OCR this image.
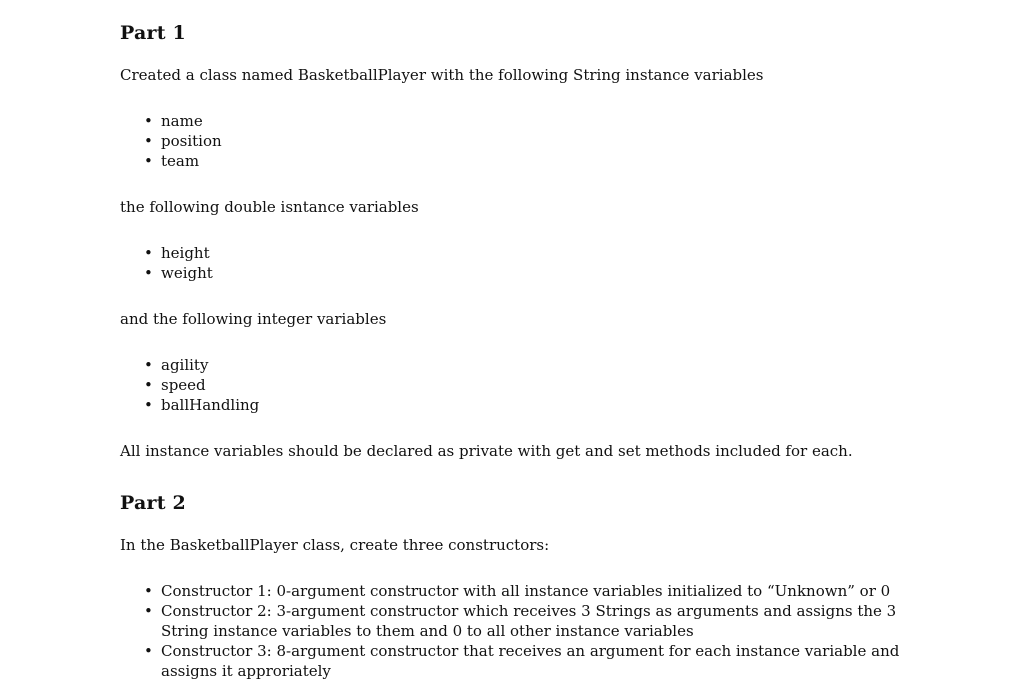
Part 1

Created a class named BasketballPlayer with the following String instance variables

• name
• position
• team

the following double isntance variables

• height
• weight

and the following integer variables

• agility
• speed
• ballHandling

All instance variables should be declared as private with get and set methods included for each.

Part 2

In the BasketballPlayer class, create three constructors:

• Constructor 1: 0-argument constructor with all instance variables initialized to “Unknown” or 0
• Constructor 2: 3-argument constructor which receives 3 Strings as arguments and assigns the 3 String instance variables to them and 0 to all other instance variables
• Constructor 3: 8-argument constructor that receives an argument for each instance variable and assigns it approriately
